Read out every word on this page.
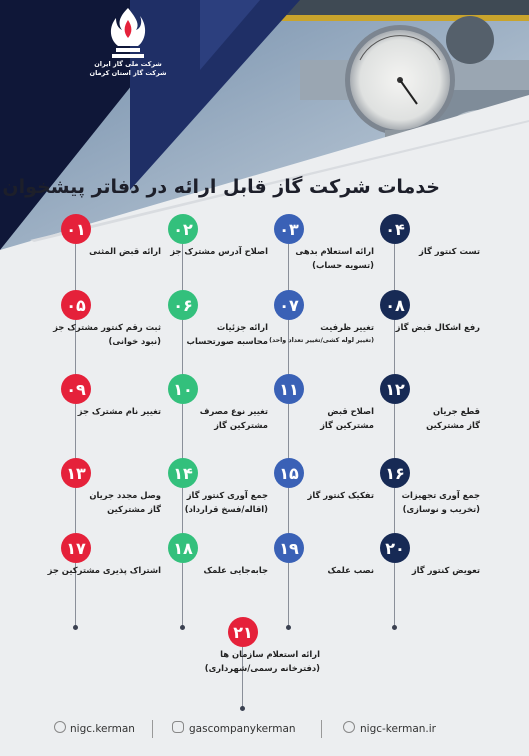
شرکت ملی گاز ایران
شرکت گاز استان کرمان
خدمات شرکت گاز قابل ارائه در دفاتر پیشخوان
۰۱
ارائه قبض المثنی
۰۲
اصلاح آدرس مشترک جز
۰۳
ارائه استعلام بدهی
(تسویه حساب)
۰۴
تست کنتور گاز
۰۵
ثبت رقم کنتور مشترک جز
(نبود خوانی)
۰۶
ارائه جزئیات
محاسبه صورتحساب
۰۷
تغییر ظرفیت
(تغییر لوله کشی/تغییر تعداد واحد)
۰۸
رفع اشکال قبض گاز
۰۹
تغییر نام مشترک جز
۱۰
تغییر نوع مصرف
مشترکین گاز
۱۱
اصلاح قبض
مشترکین گاز
۱۲
قطع جریان
گاز مشترکین
۱۳
وصل مجدد جریان
گاز مشترکین
۱۴
جمع آوری کنتور گاز
(اقاله/فسخ قرارداد)
۱۵
تفکیک کنتور گاز
۱۶
جمع آوری تجهیزات
(تخریب و نوسازی)
۱۷
اشتراک پذیری مشترکین جز
۱۸
جابه‌جایی علمک
۱۹
نصب علمک
۲۰
تعویض کنتور گاز
۲۱
ارائه استعلام سازمان ها
(دفترخانه رسمی/شهرداری)
nigc.kerman	gascompanykerman	nigc-kerman.ir
